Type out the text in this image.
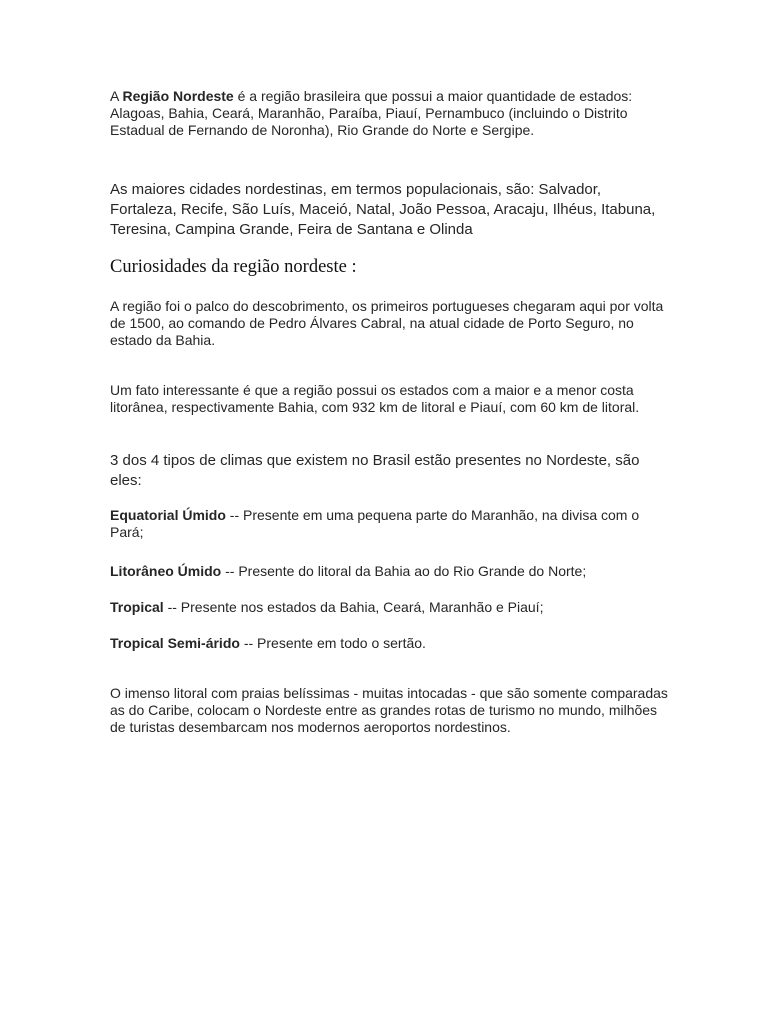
A Região Nordeste é a região brasileira que possui a maior quantidade de estados: Alagoas, Bahia, Ceará, Maranhão, Paraíba, Piauí, Pernambuco (incluindo o Distrito Estadual de Fernando de Noronha), Rio Grande do Norte e Sergipe.

As maiores cidades nordestinas, em termos populacionais, são: Salvador, Fortaleza, Recife, São Luís, Maceió, Natal, João Pessoa, Aracaju, Ilhéus, Itabuna, Teresina, Campina Grande, Feira de Santana e Olinda

Curiosidades da região nordeste :

A região foi o palco do descobrimento, os primeiros portugueses chegaram aqui por volta de 1500, ao comando de Pedro Álvares Cabral, na atual cidade de Porto Seguro, no estado da Bahia.

Um fato interessante é que a região possui os estados com a maior e a menor costa litorânea, respectivamente Bahia, com 932 km de litoral e Piauí, com 60 km de litoral.

3 dos 4 tipos de climas que existem no Brasil estão presentes no Nordeste, são eles:

Equatorial Úmido -- Presente em uma pequena parte do Maranhão, na divisa com o Pará;

Litorâneo Úmido -- Presente do litoral da Bahia ao do Rio Grande do Norte;

Tropical -- Presente nos estados da Bahia, Ceará, Maranhão e Piauí;

Tropical Semi-árido -- Presente em todo o sertão.

O imenso litoral com praias belíssimas - muitas intocadas - que são somente comparadas as do Caribe, colocam o Nordeste entre as grandes rotas de turismo no mundo, milhões de turistas desembarcam nos modernos aeroportos nordestinos.
